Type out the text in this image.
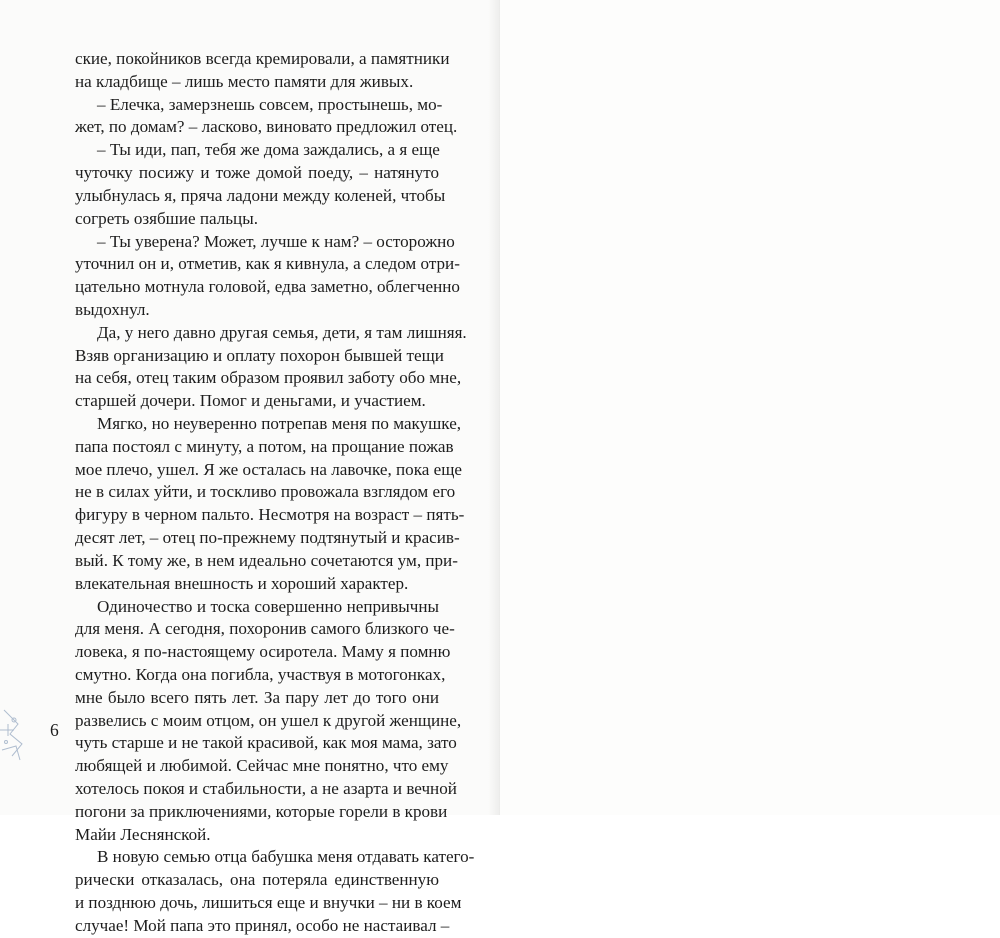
ские, покойников всегда кремировали, а памятники
на кладбище – лишь место памяти для живых.
– Елечка, замерзнешь совсем, простынешь, мо-
жет, по домам? – ласково, виновато предложил отец.
– Ты иди, пап, тебя же дома заждались, а я еще
чуточку посижу и тоже домой поеду, – натянуто
улыбнулась я, пряча ладони между коленей, чтобы
согреть озябшие пальцы.
– Ты уверена? Может, лучше к нам? – осторожно
уточнил он и, отметив, как я кивнула, а следом отри-
цательно мотнула головой, едва заметно, облегченно
выдохнул.
Да, у него давно другая семья, дети, я там лишняя.
Взяв организацию и оплату похорон бывшей тещи
на себя, отец таким образом проявил заботу обо мне,
старшей дочери. Помог и деньгами, и участием.
Мягко, но неуверенно потрепав меня по макушке,
папа постоял с минуту, а потом, на прощание пожав
мое плечо, ушел. Я же осталась на лавочке, пока еще
не в силах уйти, и тоскливо провожала взглядом его
фигуру в черном пальто. Несмотря на возраст – пять-
десят лет, – отец по-прежнему подтянутый и красив-
вый. К тому же, в нем идеально сочетаются ум, при-
влекательная внешность и хороший характер.
Одиночество и тоска совершенно непривычны
для меня. А сегодня, похоронив самого близкого че-
ловека, я по-настоящему осиротела. Маму я помню
смутно. Когда она погибла, участвуя в мотогонках,
мне было всего пять лет. За пару лет до того они
развелись с моим отцом, он ушел к другой женщине,
чуть старше и не такой красивой, как моя мама, зато
любящей и любимой. Сейчас мне понятно, что ему
хотелось покоя и стабильности, а не азарта и вечной
погони за приключениями, которые горели в крови
Майи Леснянской.
В новую семью отца бабушка меня отдавать катего-
рически отказалась, она потеряла единственную
и позднюю дочь, лишиться еще и внучки – ни в коем
случае! Мой папа это принял, особо не настаивал –
6
